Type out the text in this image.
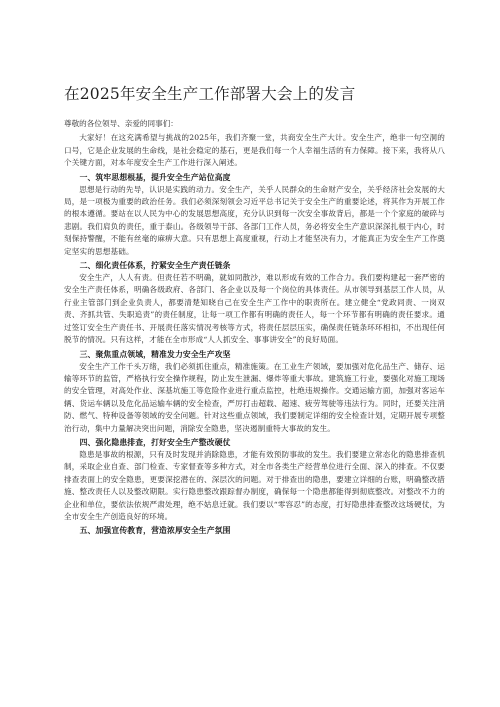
在2025年安全生产工作部署大会上的发言

尊敬的各位领导、亲爱的同事们：

大家好！在这充满希望与挑战的2025年，我们齐聚一堂，共商安全生产大计。安全生产，绝非一句空洞的口号，它是企业发展的生命线，是社会稳定的基石，更是我们每一个人幸福生活的有力保障。接下来，我将从八个关键方面，对本年度安全生产工作进行深入阐述。

一、筑牢思想根基，提升安全生产站位高度

思想是行动的先导，认识是实践的动力。安全生产，关乎人民群众的生命财产安全，关乎经济社会发展的大局，是一项极为重要的政治任务。我们必须深刻领会习近平总书记关于安全生产的重要论述，将其作为开展工作的根本遵循。要站在以人民为中心的发展思想高度，充分认识到每一次安全事故背后，都是一个个家庭的破碎与悲剧。我们肩负的责任，重于泰山。各级领导干部、各部门工作人员，务必将安全生产意识深深扎根于内心，时刻保持警醒，不能有丝毫的麻痹大意。只有思想上高度重视，行动上才能坚决有力，才能真正为安全生产工作奠定坚实的思想基础。

二、细化责任体系，拧紧安全生产责任链条

安全生产，人人有责。但责任若不明确，就如同散沙，难以形成有效的工作合力。我们要构建起一套严密的安全生产责任体系，明确各级政府、各部门、各企业以及每一个岗位的具体责任。从市领导到基层工作人员，从行业主管部门到企业负责人，都要清楚知晓自己在安全生产工作中的职责所在。建立健全“党政同责、一岗双责、齐抓共管、失职追责”的责任制度，让每一项工作都有明确的责任人，每一个环节都有明确的责任要求。通过签订安全生产责任书、开展责任落实情况考核等方式，将责任层层压实，确保责任链条环环相扣，不出现任何脱节的情况。只有这样，才能在全市形成“人人抓安全、事事讲安全”的良好局面。

三、聚焦重点领域，精准发力安全生产攻坚

安全生产工作千头万绪，我们必须抓住重点，精准施策。在工业生产领域，要加强对危化品生产、储存、运输等环节的监管，严格执行安全操作规程，防止发生泄漏、爆炸等重大事故。建筑施工行业，要强化对施工现场的安全管理，对高处作业、深基坑施工等危险作业进行重点监控，杜绝违规操作。交通运输方面，加强对客运车辆、货运车辆以及危化品运输车辆的安全检查，严厉打击超载、超速、疲劳驾驶等违法行为。同时，还要关注消防、燃气、特种设备等领域的安全问题。针对这些重点领域，我们要制定详细的安全检查计划，定期开展专项整治行动，集中力量解决突出问题，消除安全隐患，坚决遏制重特大事故的发生。

四、强化隐患排查，打好安全生产整改硬仗

隐患是事故的根源，只有及时发现并消除隐患，才能有效预防事故的发生。我们要建立常态化的隐患排查机制，采取企业自查、部门检查、专家督查等多种方式，对全市各类生产经营单位进行全面、深入的排查。不仅要排查表面上的安全隐患，更要深挖潜在的、深层次的问题。对于排查出的隐患，要建立详细的台账，明确整改措施、整改责任人以及整改期限。实行隐患整改跟踪督办制度，确保每一个隐患都能得到彻底整改。对整改不力的企业和单位，要依法依规严肃处理，绝不姑息迁就。我们要以“零容忍”的态度，打好隐患排查整改这场硬仗，为全市安全生产创造良好的环境。

五、加强宣传教育，营造浓厚安全生产氛围
